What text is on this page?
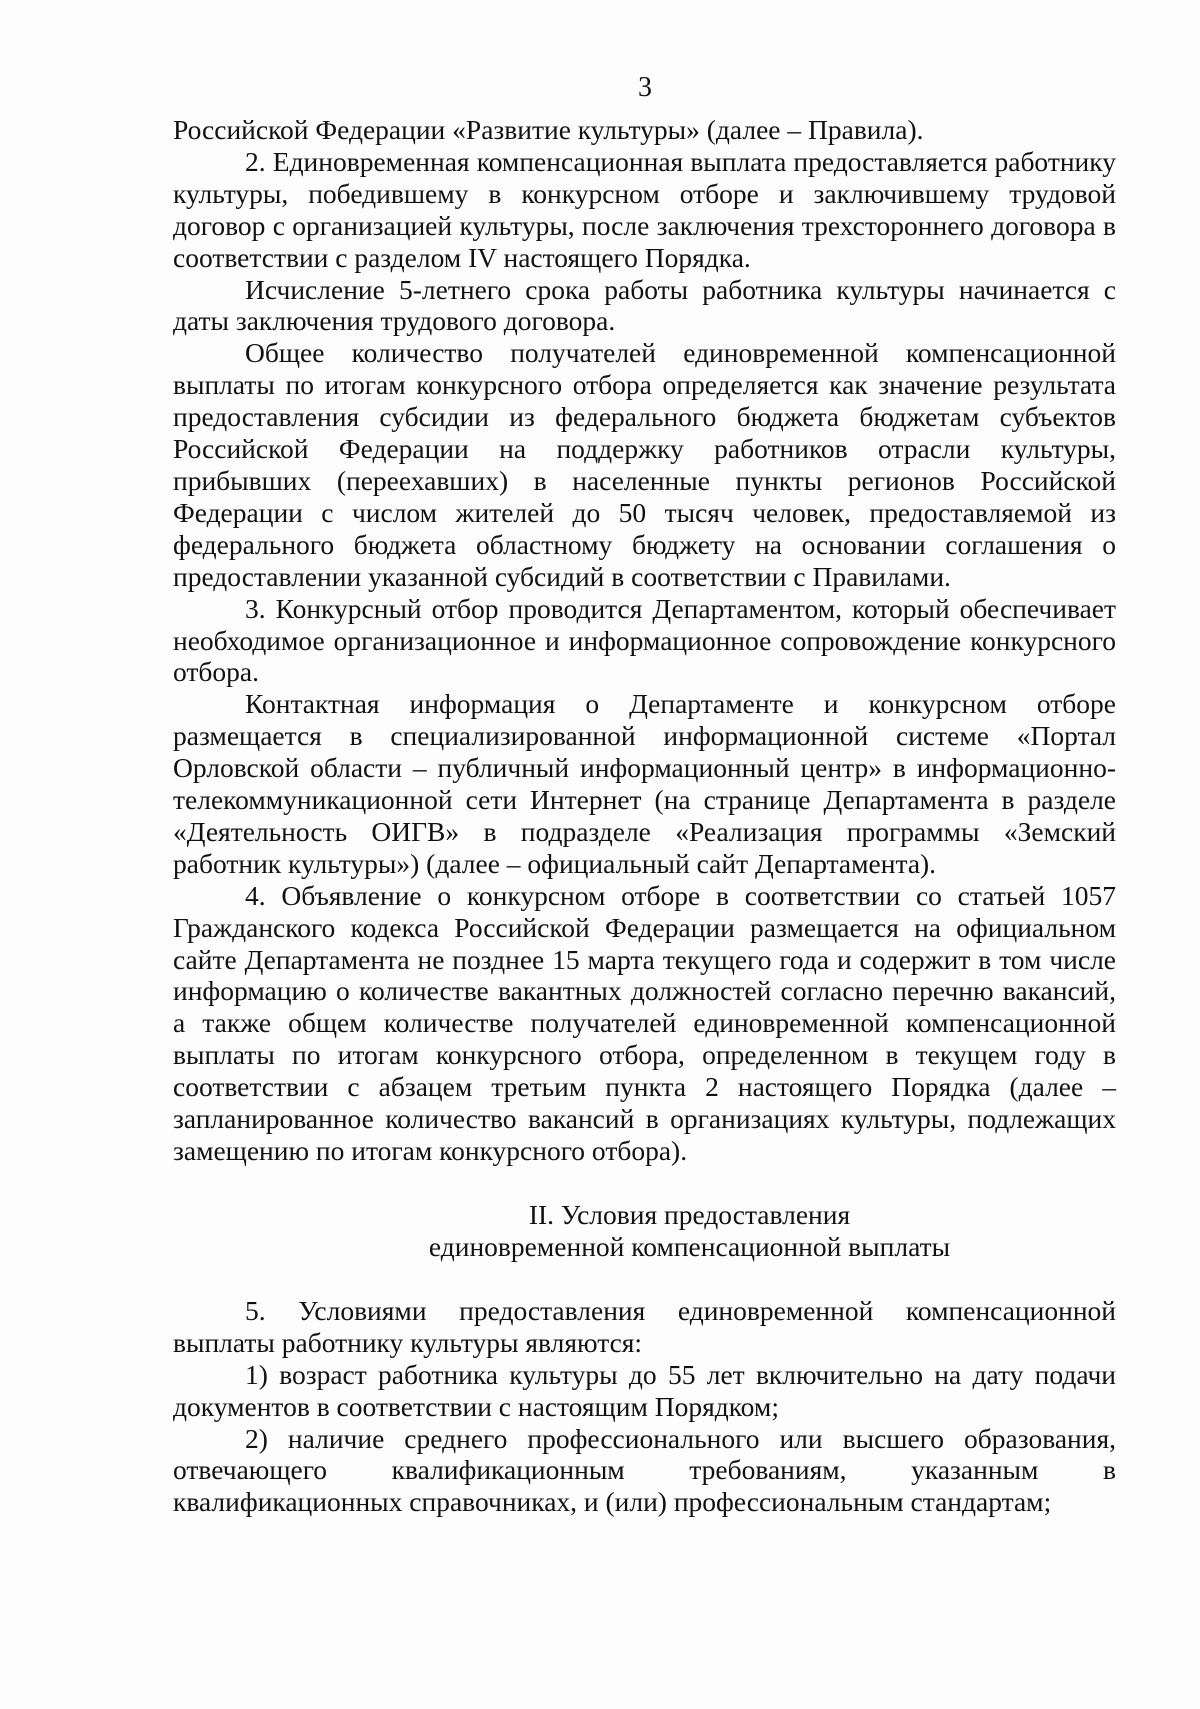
3

Российской Федерации «Развитие культуры» (далее – Правила).

2. Единовременная компенсационная выплата предоставляется работнику культуры, победившему в конкурсном отборе и заключившему трудовой договор с организацией культуры, после заключения трехстороннего договора в соответствии с разделом IV настоящего Порядка.

Исчисление 5-летнего срока работы работника культуры начинается с даты заключения трудового договора.

Общее количество получателей единовременной компенсационной выплаты по итогам конкурсного отбора определяется как значение результата предоставления субсидии из федерального бюджета бюджетам субъектов Российской Федерации на поддержку работников отрасли культуры, прибывших (переехавших) в населенные пункты регионов Российской Федерации с числом жителей до 50 тысяч человек, предоставляемой из федерального бюджета областному бюджету на основании соглашения о предоставлении указанной субсидий в соответствии с Правилами.

3. Конкурсный отбор проводится Департаментом, который обеспечивает необходимое организационное и информационное сопровождение конкурсного отбора.

Контактная информация о Департаменте и конкурсном отборе размещается в специализированной информационной системе «Портал Орловской области – публичный информационный центр» в информационно-телекоммуникационной сети Интернет (на странице Департамента в разделе «Деятельность ОИГВ» в подразделе «Реализация программы «Земский работник культуры») (далее – официальный сайт Департамента).

4. Объявление о конкурсном отборе в соответствии со статьей 1057 Гражданского кодекса Российской Федерации размещается на официальном сайте Департамента не позднее 15 марта текущего года и содержит в том числе информацию о количестве вакантных должностей согласно перечню вакансий, а также общем количестве получателей единовременной компенсационной выплаты по итогам конкурсного отбора, определенном в текущем году в соответствии с абзацем третьим пункта 2 настоящего Порядка (далее – запланированное количество вакансий в организациях культуры, подлежащих замещению по итогам конкурсного отбора).

II. Условия предоставления

единовременной компенсационной выплаты

5. Условиями предоставления единовременной компенсационной выплаты работнику культуры являются:

1) возраст работника культуры до 55 лет включительно на дату подачи документов в соответствии с настоящим Порядком;

2) наличие среднего профессионального или высшего образования, отвечающего квалификационным требованиям, указанным в квалификационных справочниках, и (или) профессиональным стандартам;
